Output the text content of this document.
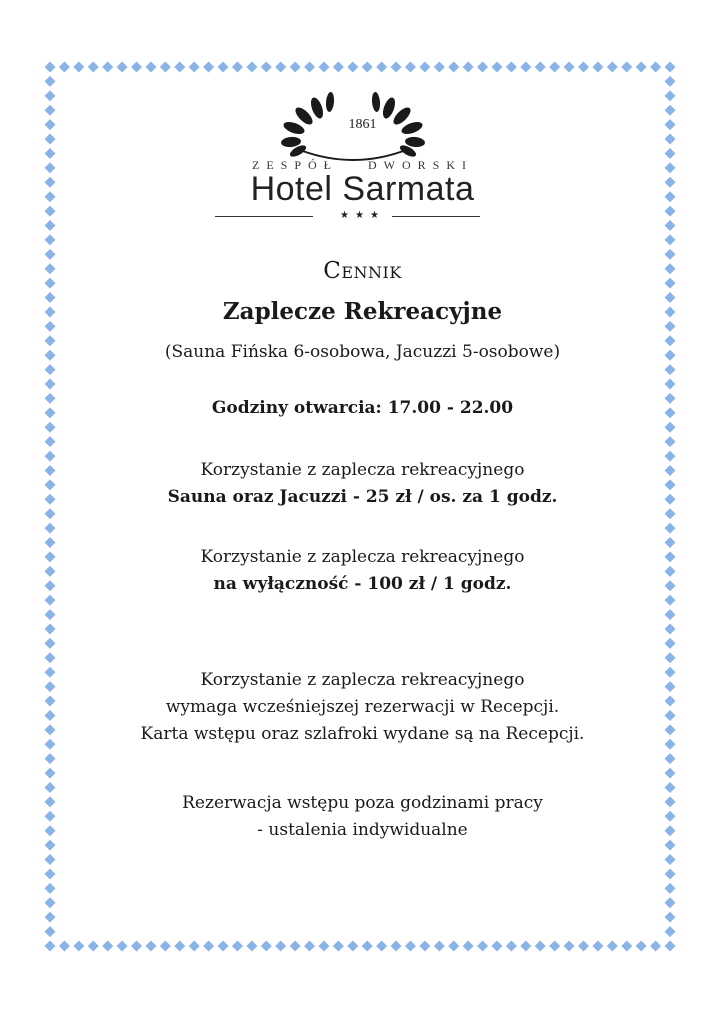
1861
ZESPÓŁ   DWORSKI
Hotel Sarmata
★★★
Cennik
Zaplecze Rekreacyjne
(Sauna Fińska 6-osobowa, Jacuzzi 5-osobowe)
Godziny otwarcia: 17.00 - 22.00
Korzystanie z zaplecza rekreacyjnego
Sauna oraz Jacuzzi - 25 zł / os. za 1 godz.
Korzystanie z zaplecza rekreacyjnego
na wyłączność - 100 zł / 1 godz.
Korzystanie z zaplecza rekreacyjnego
wymaga wcześniejszej rezerwacji w Recepcji.
Karta wstępu oraz szlafroki wydane są na Recepcji.
Rezerwacja wstępu poza godzinami pracy
- ustalenia indywidualne
